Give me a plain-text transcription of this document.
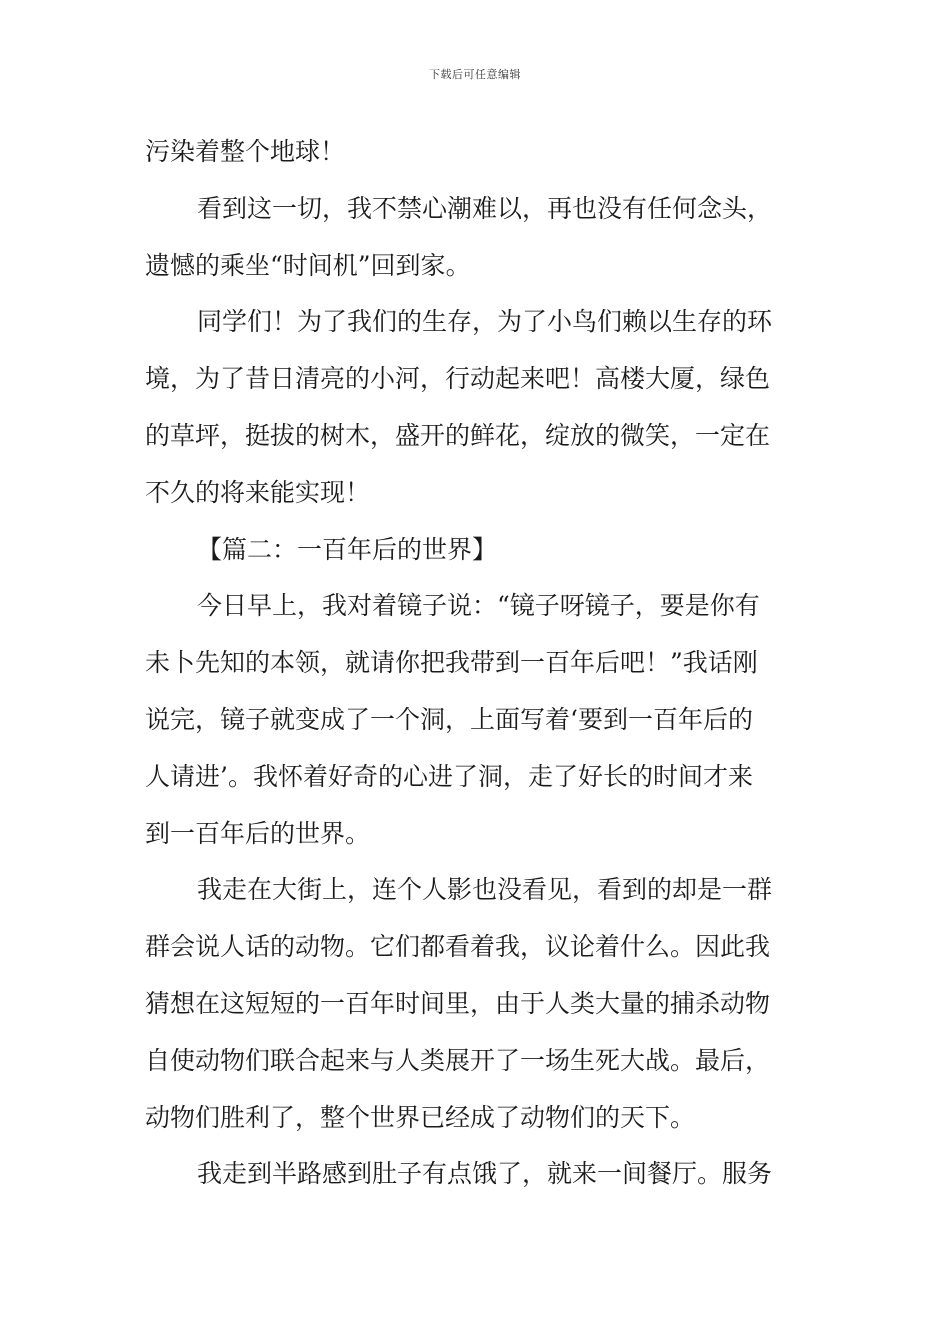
下载后可任意编辑
污染着整个地球！
看到这一切，我不禁心潮难以，再也没有任何念头，
遗憾的乘坐“时间机”回到家。
同学们！为了我们的生存，为了小鸟们赖以生存的环
境，为了昔日清亮的小河，行动起来吧！高楼大厦，绿色
的草坪，挺拔的树木，盛开的鲜花，绽放的微笑，一定在
不久的将来能实现！
【篇二：一百年后的世界】
今日早上，我对着镜子说：“镜子呀镜子，要是你有
未卜先知的本领，就请你把我带到一百年后吧！”我话刚
说完，镜子就变成了一个洞，上面写着‘要到一百年后的
人请进’。我怀着好奇的心进了洞，走了好长的时间才来
到一百年后的世界。
我走在大街上，连个人影也没看见，看到的却是一群
群会说人话的动物。它们都看着我，议论着什么。因此我
猜想在这短短的一百年时间里，由于人类大量的捕杀动物
自使动物们联合起来与人类展开了一场生死大战。最后，
动物们胜利了，整个世界已经成了动物们的天下。
我走到半路感到肚子有点饿了，就来一间餐厅。服务
